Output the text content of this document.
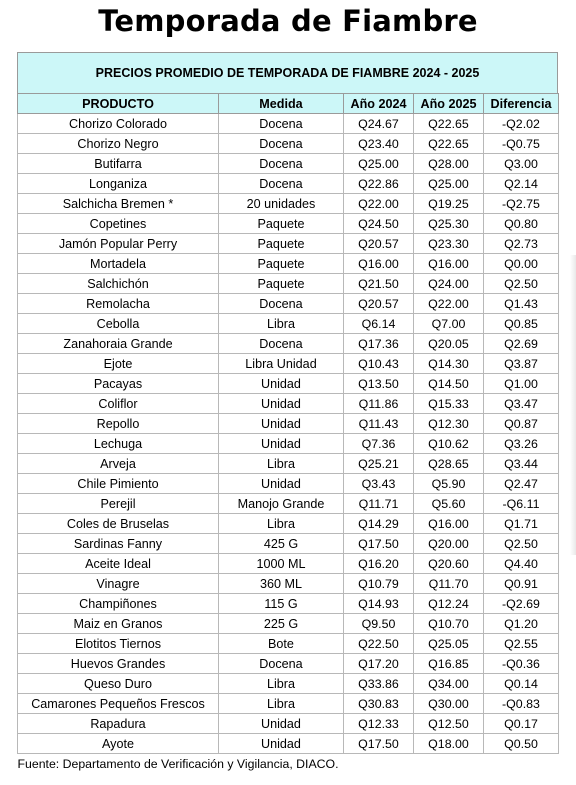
Temporada de Fiambre
PRECIOS PROMEDIO DE TEMPORADA DE FIAMBRE 2024 - 2025
PRODUCTO	Medida	Año 2024	Año 2025	Diferencia
Chorizo Colorado	Docena	Q24.67	Q22.65	-Q2.02
Chorizo Negro	Docena	Q23.40	Q22.65	-Q0.75
Butifarra	Docena	Q25.00	Q28.00	Q3.00
Longaniza	Docena	Q22.86	Q25.00	Q2.14
Salchicha Bremen *	20 unidades	Q22.00	Q19.25	-Q2.75
Copetines	Paquete	Q24.50	Q25.30	Q0.80
Jamón Popular Perry	Paquete	Q20.57	Q23.30	Q2.73
Mortadela	Paquete	Q16.00	Q16.00	Q0.00
Salchichón	Paquete	Q21.50	Q24.00	Q2.50
Remolacha	Docena	Q20.57	Q22.00	Q1.43
Cebolla	Libra	Q6.14	Q7.00	Q0.85
Zanahoraia Grande	Docena	Q17.36	Q20.05	Q2.69
Ejote	Libra Unidad	Q10.43	Q14.30	Q3.87
Pacayas	Unidad	Q13.50	Q14.50	Q1.00
Coliflor	Unidad	Q11.86	Q15.33	Q3.47
Repollo	Unidad	Q11.43	Q12.30	Q0.87
Lechuga	Unidad	Q7.36	Q10.62	Q3.26
Arveja	Libra	Q25.21	Q28.65	Q3.44
Chile Pimiento	Unidad	Q3.43	Q5.90	Q2.47
Perejil	Manojo Grande	Q11.71	Q5.60	-Q6.11
Coles de Bruselas	Libra	Q14.29	Q16.00	Q1.71
Sardinas Fanny	425 G	Q17.50	Q20.00	Q2.50
Aceite Ideal	1000 ML	Q16.20	Q20.60	Q4.40
Vinagre	360 ML	Q10.79	Q11.70	Q0.91
Champiñones	115 G	Q14.93	Q12.24	-Q2.69
Maiz en Granos	225 G	Q9.50	Q10.70	Q1.20
Elotitos Tiernos	Bote	Q22.50	Q25.05	Q2.55
Huevos Grandes	Docena	Q17.20	Q16.85	-Q0.36
Queso Duro	Libra	Q33.86	Q34.00	Q0.14
Camarones Pequeños Frescos	Libra	Q30.83	Q30.00	-Q0.83
Rapadura	Unidad	Q12.33	Q12.50	Q0.17
Ayote	Unidad	Q17.50	Q18.00	Q0.50
Fuente: Departamento de Verificación y Vigilancia, DIACO.				
